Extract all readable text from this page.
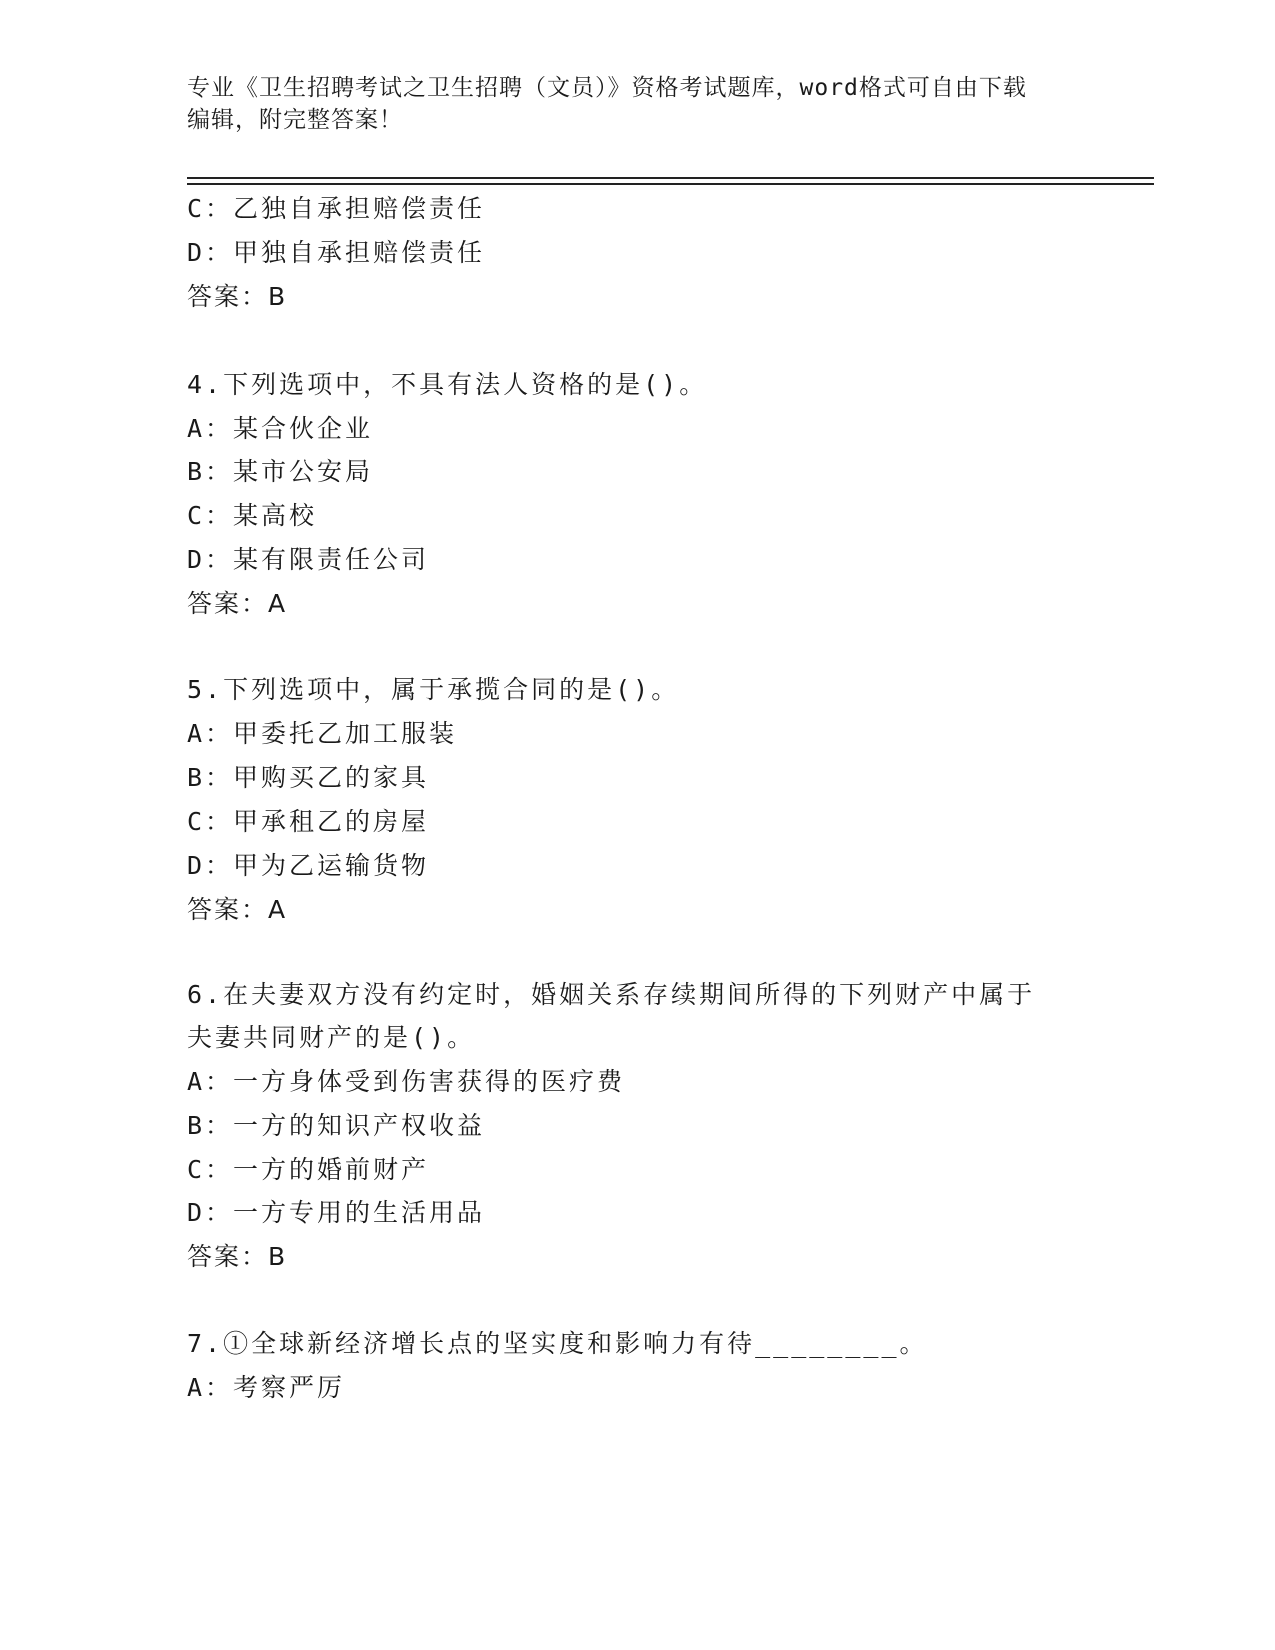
专业《卫生招聘考试之卫生招聘（文员）》资格考试题库，word格式可自由下载
编辑，附完整答案！
C：乙独自承担赔偿责任
D：甲独自承担赔偿责任
答案：B
4.下列选项中，不具有法人资格的是()。
A：某合伙企业
B：某市公安局
C：某高校
D：某有限责任公司
答案：A
5.下列选项中，属于承揽合同的是()。
A：甲委托乙加工服装
B：甲购买乙的家具
C：甲承租乙的房屋
D：甲为乙运输货物
答案：A
6.在夫妻双方没有约定时，婚姻关系存续期间所得的下列财产中属于
夫妻共同财产的是()。
A：一方身体受到伤害获得的医疗费
B：一方的知识产权收益
C：一方的婚前财产
D：一方专用的生活用品
答案：B
7.①全球新经济增长点的坚实度和影响力有待________。
A：考察严厉
